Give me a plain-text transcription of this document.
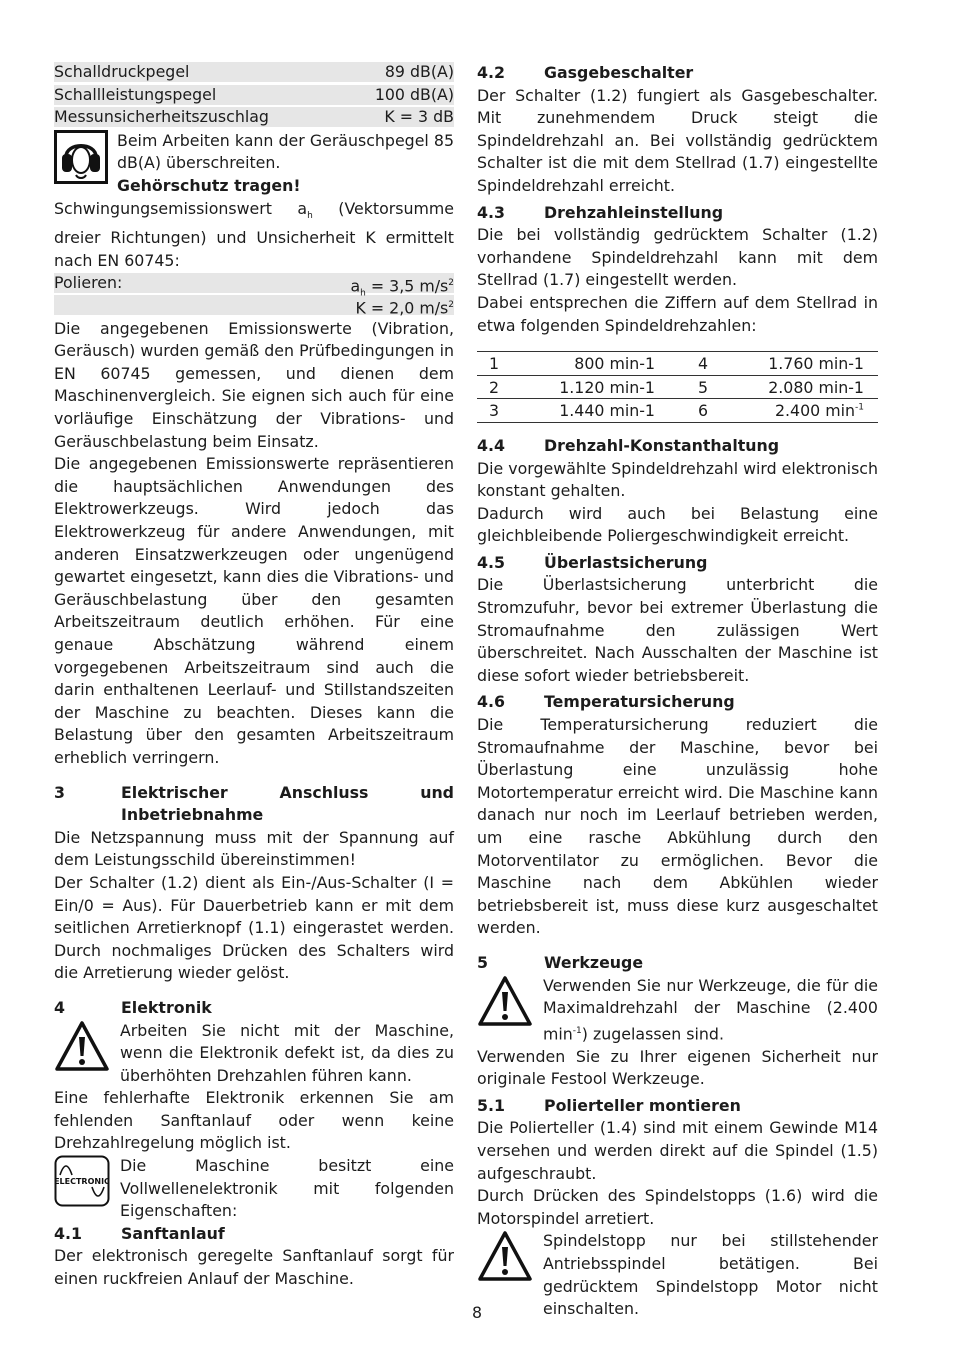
Schalldruckpegel	89 dB(A)
Schallleistungspegel	100 dB(A)
Messunsicherheitszuschlag	K = 3 dB

Beim Arbeiten kann der Geräuschpegel 85 dB(A) überschreiten.

Gehörschutz tragen!

Schwingungsemissionswert $a_h$ (Vektorsumme dreier Richtungen) und Unsicherheit K ermittelt nach EN 60745:

Polieren:	$a_h = 3,5$ $m/s^2$
K = 2,0 $m/s^2$

Die angegebenen Emissionswerte (Vibration, Geräusch) wurden gemäß den Prüfbedingungen in EN 60745 gemessen, und dienen dem Maschinenvergleich. Sie eignen sich auch für eine vorläufige Einschätzung der Vibrations- und Geräuschbelastung beim Einsatz.

Die angegebenen Emissionswerte repräsentieren die hauptsächlichen Anwendungen des Elektrowerkzeugs. Wird jedoch das Elektrowerkzeug für andere Anwendungen, mit anderen Einsatzwerkzeugen oder ungenügend gewartet eingesetzt, kann dies die Vibrations- und Geräuschbelastung über den gesamten Arbeitszeitraum deutlich erhöhen. Für eine genaue Abschätzung während einem vorgegebenen Arbeitszeitraum sind auch die darin enthaltenen Leerlauf- und Stillstandszeiten der Maschine zu beachten. Dieses kann die Belastung über den gesamten Arbeitszeitraum erheblich verringern.

3	Elektrischer Anschluss und Inbetriebnahme

Die Netzspannung muss mit der Spannung auf dem Leistungsschild übereinstimmen!

Der Schalter (1.2) dient als Ein-/Aus-Schalter (I = Ein/0 = Aus). Für Dauerbetrieb kann er mit dem seitlichen Arretierknopf (1.1) eingerastet werden. Durch nochmaliges Drücken des Schalters wird die Arretierung wieder gelöst.

4	Elektronik

Arbeiten Sie nicht mit der Maschine, wenn die Elektronik defekt ist, da dies zu überhöhten Drehzahlen führen kann.

Eine fehlerhafte Elektronik erkennen Sie am fehlenden Sanftanlauf oder wenn keine Drehzahlregelung möglich ist.

ELECTRONIC

Die Maschine besitzt eine Vollwellenelektronik mit folgenden Eigenschaften:

4.1	Sanftanlauf

Der elektronisch geregelte Sanftanlauf sorgt für einen ruckfreien Anlauf der Maschine.

4.2	Gasgebeschalter

Der Schalter (1.2) fungiert als Gasgebeschalter. Mit zunehmendem Druck steigt die Spindeldrehzahl an. Bei vollständig gedrücktem Schalter ist die mit dem Stellrad (1.7) eingestellte Spindeldrehzahl erreicht.

4.3	Drehzahleinstellung

Die bei vollständig gedrücktem Schalter (1.2) vorhandene Spindeldrehzahl kann mit dem Stellrad (1.7) eingestellt werden.

Dabei entsprechen die Ziffern auf dem Stellrad in etwa folgenden Spindeldrehzahlen:

1	800 min-1	4	1.760 min-1
2	1.120 min-1	5	2.080 min-1
3	1.440 min-1	6	2.400 $\min^{-1}$
4.4	Drehzahl-Konstanthaltung

Die vorgewählte Spindeldrehzahl wird elektronisch konstant gehalten.

Dadurch wird auch bei Belastung eine gleichbleibende Poliergeschwindigkeit erreicht.

4.5	Überlastsicherung

Die Überlastsicherung unterbricht die Stromzufuhr, bevor bei extremer Überlastung die Stromaufnahme den zulässigen Wert überschreitet. Nach Ausschalten der Maschine ist diese sofort wieder betriebsbereit.

4.6	Temperatursicherung

Die Temperatursicherung reduziert die Stromaufnahme der Maschine, bevor bei Überlastung eine unzulässig hohe Motortemperatur erreicht wird. Die Maschine kann danach nur noch im Leerlauf betrieben werden, um eine rasche Abkühlung durch den Motorventilator zu ermöglichen. Bevor die Maschine nach dem Abkühlen wieder betriebsbereit ist, muss diese kurz ausgeschaltet werden.

5	Werkzeuge

Verwenden Sie nur Werkzeuge, die für die Maximaldrehzahl der Maschine (2.400 $\min^{-1}$) zugelassen sind.

Verwenden Sie zu Ihrer eigenen Sicherheit nur originale Festool Werkzeuge.

5.1	Polierteller montieren

Die Polierteller (1.4) sind mit einem Gewinde M14 versehen und werden direkt auf die Spindel (1.5) aufgeschraubt.

Durch Drücken des Spindelstopps (1.6) wird die Motorspindel arretiert.

Spindelstopp nur bei stillstehender Antriebsspindel betätigen. Bei gedrücktem Spindelstopp Motor nicht einschalten.

8
